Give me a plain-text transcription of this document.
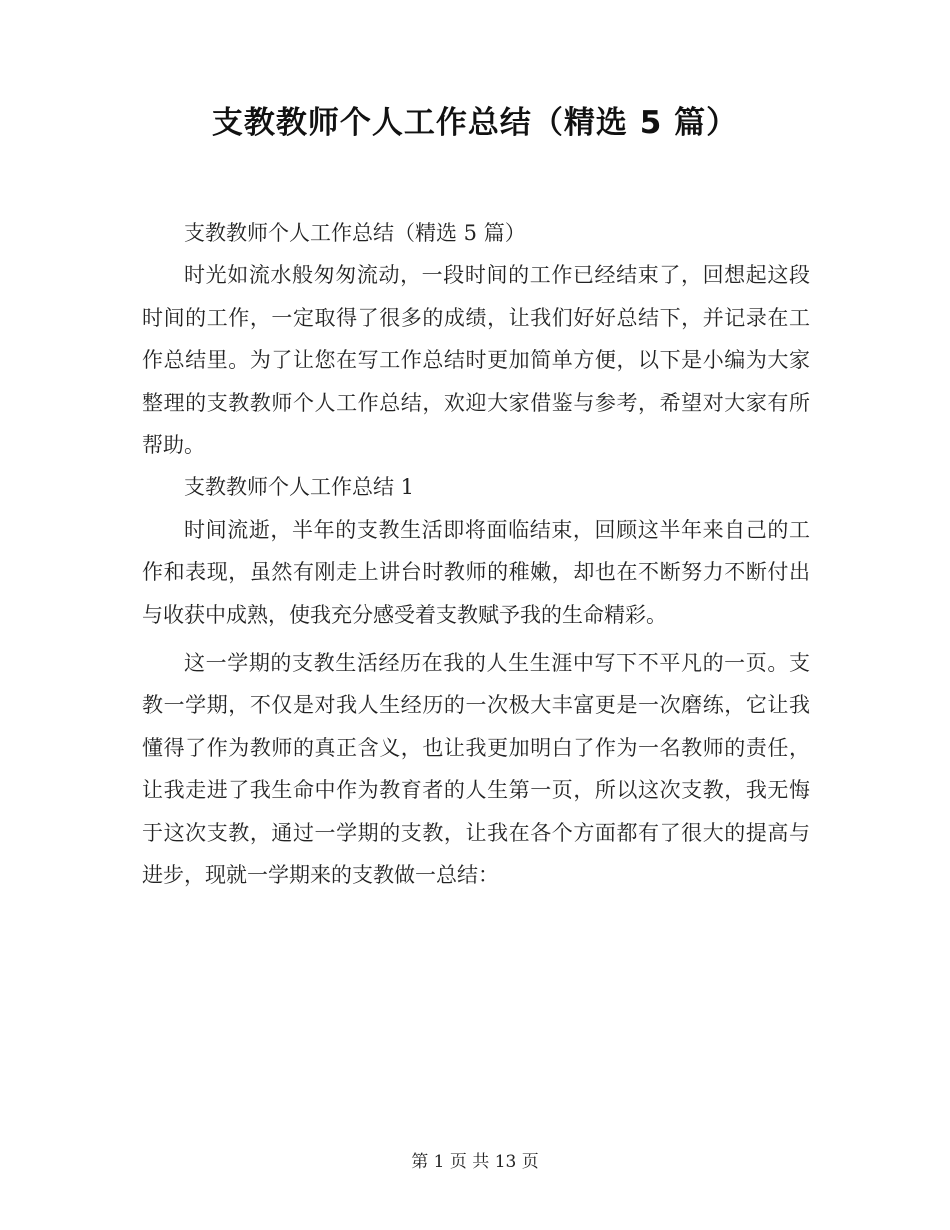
支教教师个人工作总结（精选 5 篇）

支教教师个人工作总结（精选 5 篇）

时光如流水般匆匆流动，一段时间的工作已经结束了，回想起这段时间的工作，一定取得了很多的成绩，让我们好好总结下，并记录在工作总结里。为了让您在写工作总结时更加简单方便，以下是小编为大家整理的支教教师个人工作总结，欢迎大家借鉴与参考，希望对大家有所帮助。

支教教师个人工作总结 1

时间流逝，半年的支教生活即将面临结束，回顾这半年来自己的工作和表现，虽然有刚走上讲台时教师的稚嫩，却也在不断努力不断付出与收获中成熟，使我充分感受着支教赋予我的生命精彩。

这一学期的支教生活经历在我的人生生涯中写下不平凡的一页。支教一学期，不仅是对我人生经历的一次极大丰富更是一次磨练，它让我懂得了作为教师的真正含义，也让我更加明白了作为一名教师的责任，让我走进了我生命中作为教育者的人生第一页，所以这次支教，我无悔于这次支教，通过一学期的支教，让我在各个方面都有了很大的提高与进步，现就一学期来的支教做一总结：

第 1 页 共 13 页
